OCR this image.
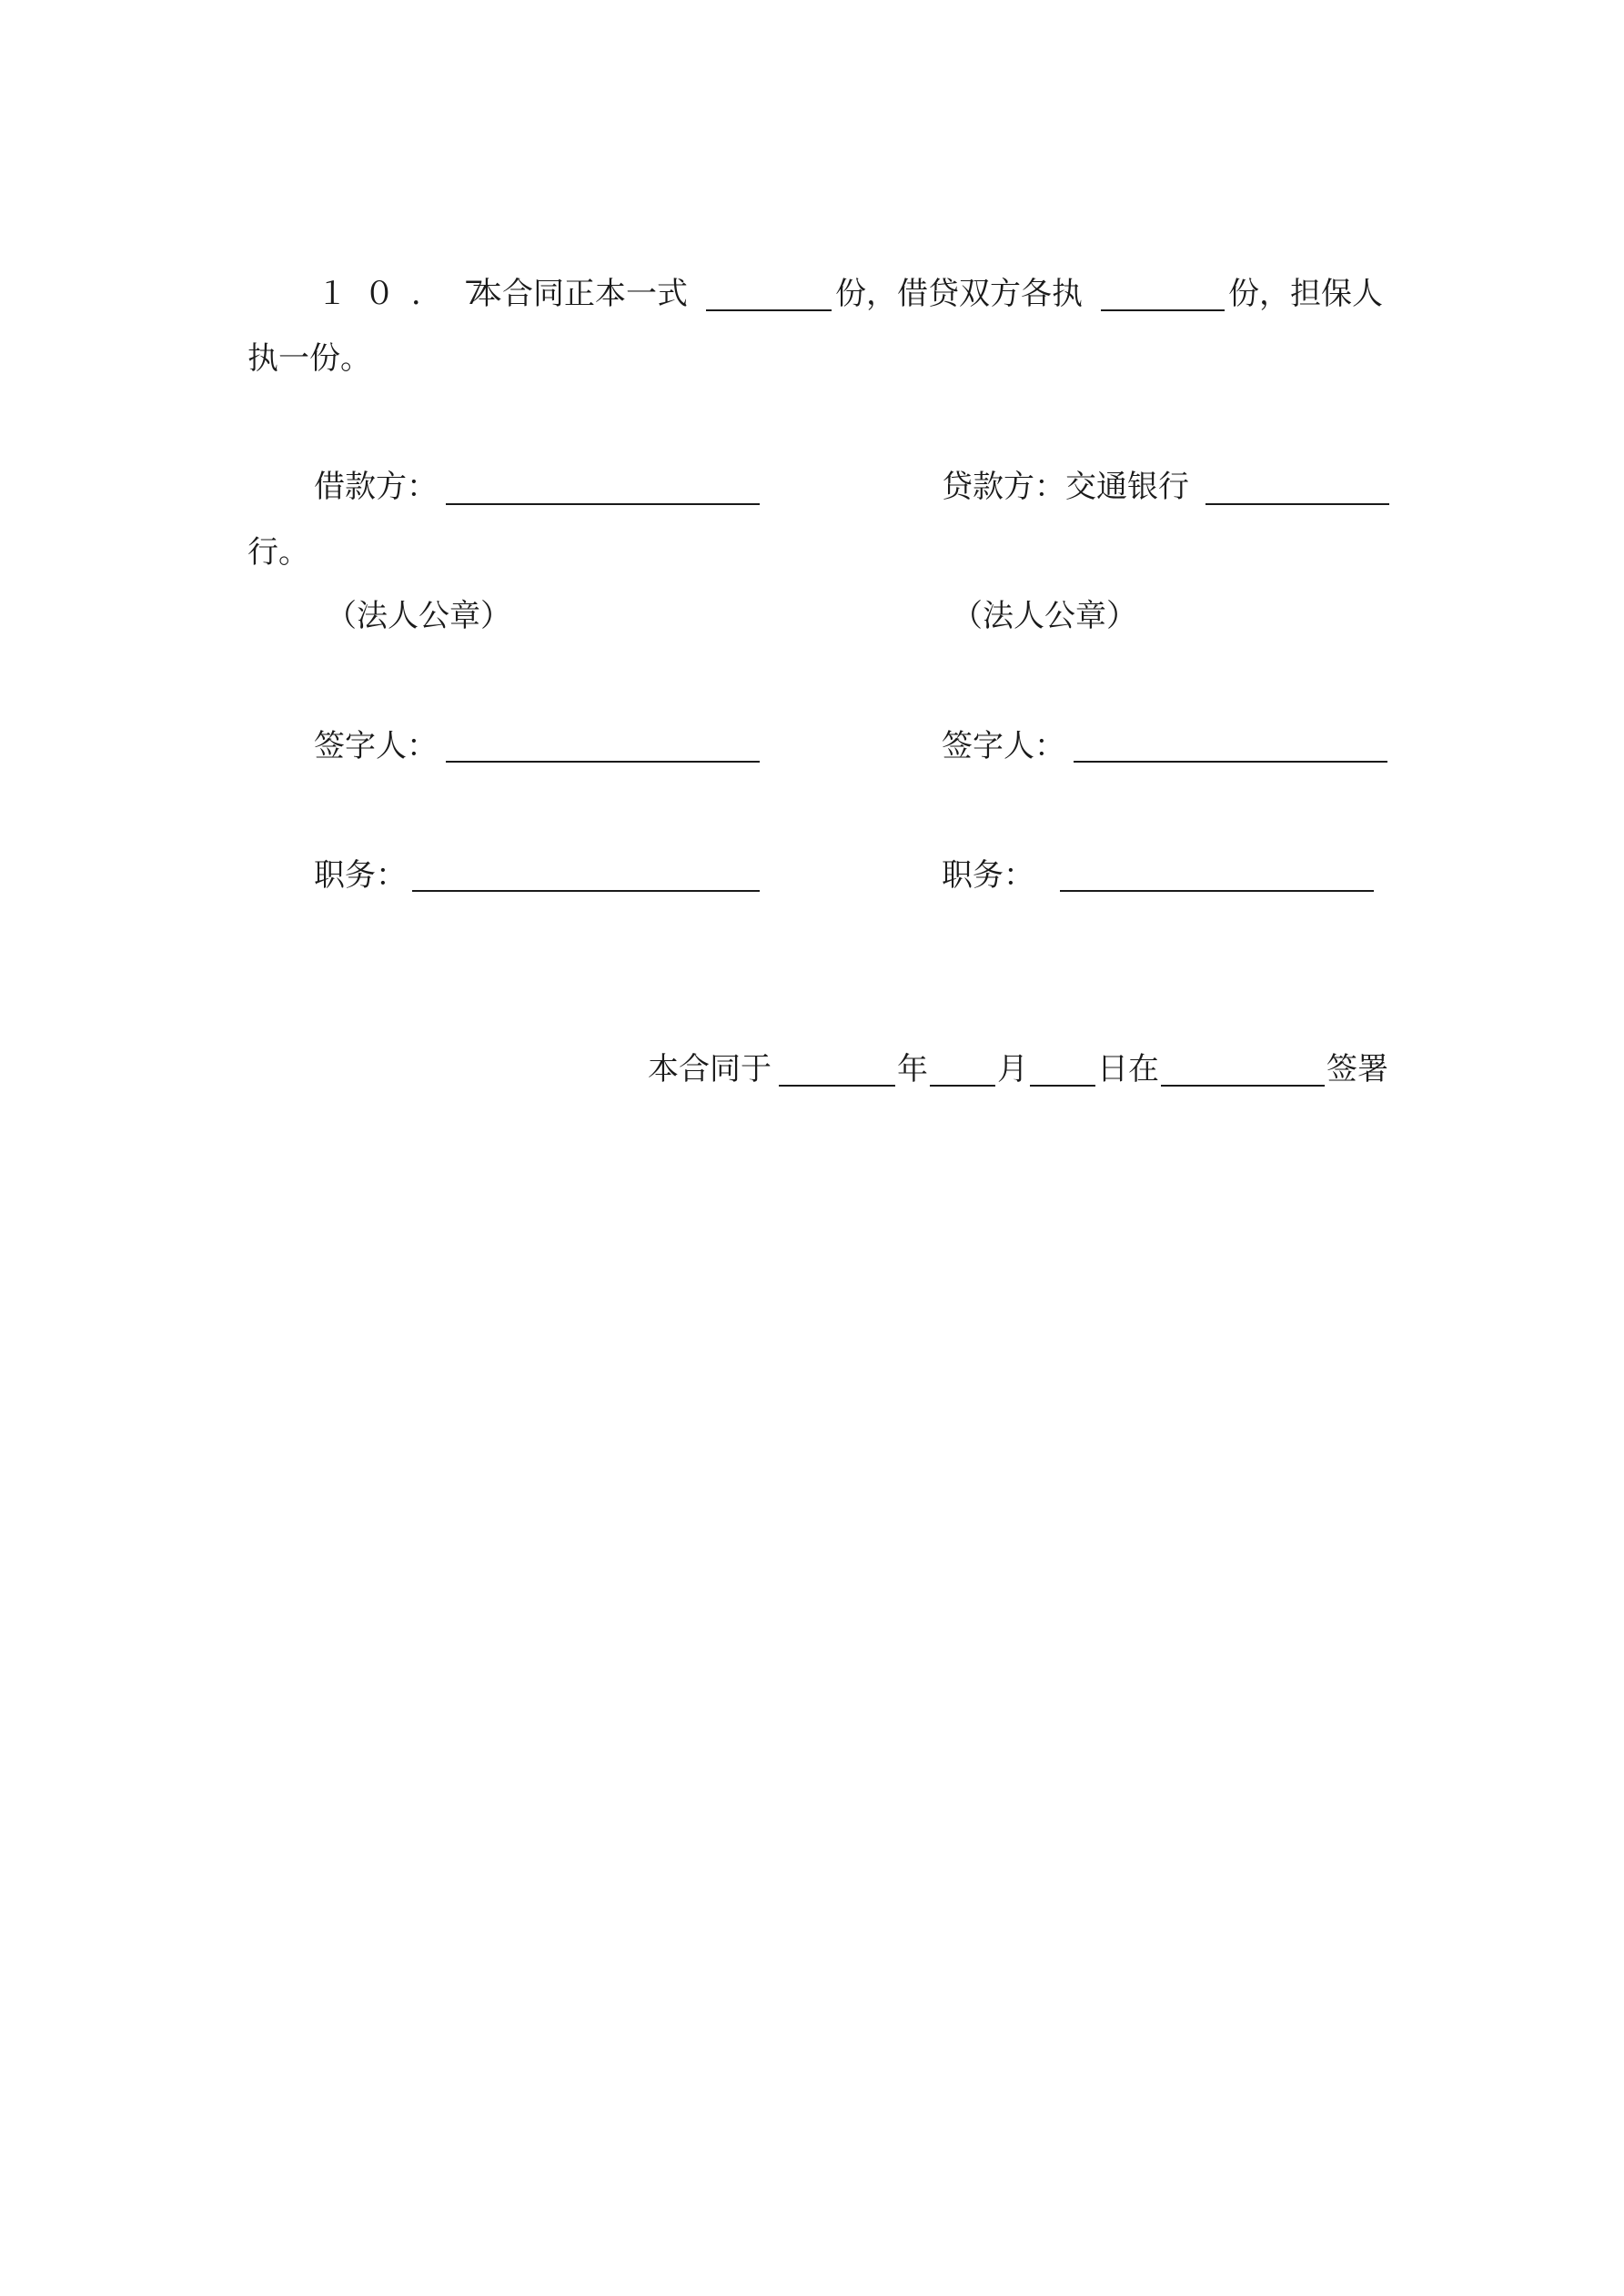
１０．７
本合同正本一式	份，借贷双方各执	份，担保人
执一份。
借款方：	贷款方：交通银行
行。
（法人公章）	（法人公章）
签字人：	签字人：
职务：	职务：
本合同于	年 月 日在	签署
